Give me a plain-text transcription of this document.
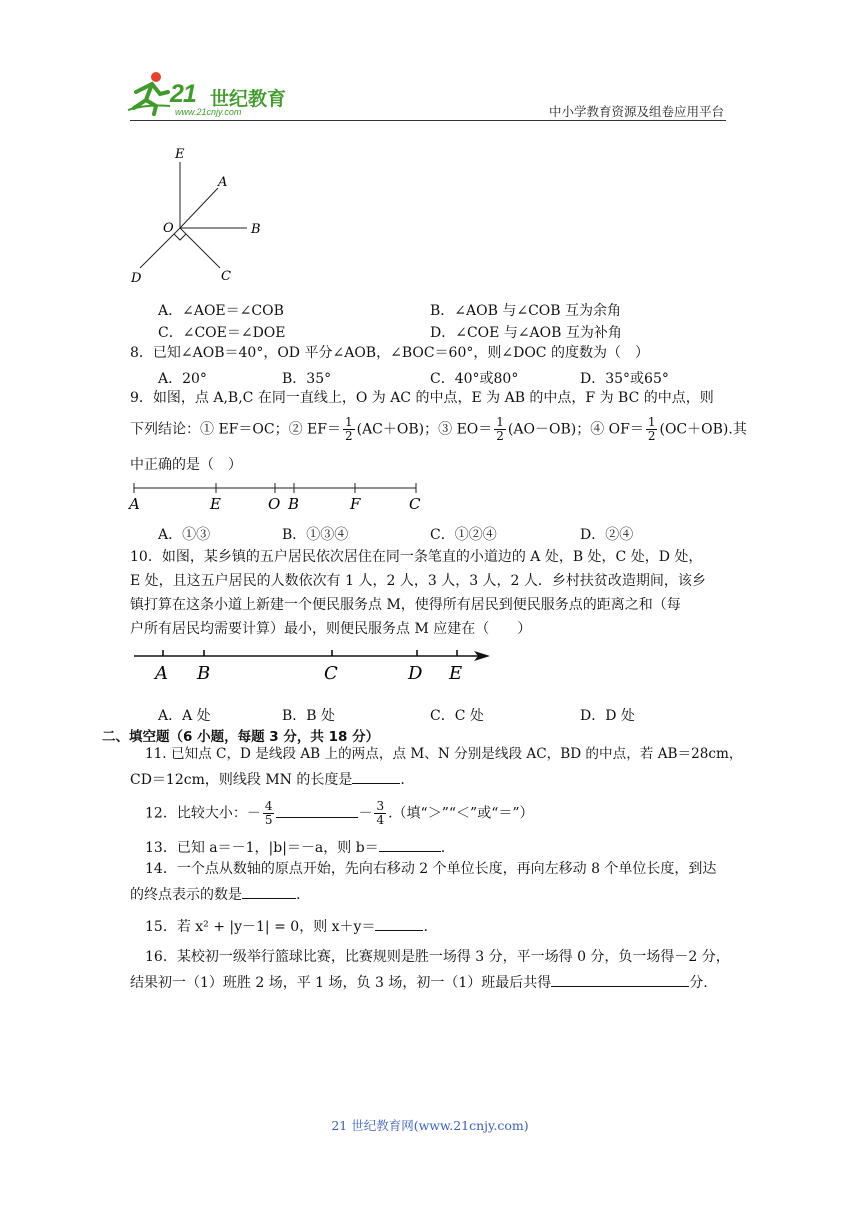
21 世纪教育
www.21cnjy.com	中小学教育资源及组卷应用平台
E
A
O	B
D	C
A．∠AOE＝∠COB	B．∠AOB 与∠COB 互为余角
C．∠COE＝∠DOE	D．∠COE 与∠AOB 互为补角
8．已知∠AOB＝40°，OD 平分∠AOB，∠BOC＝60°，则∠DOC 的度数为（　）
A．20°	B．35°	C．40°或80°	D．35°或65°
9．如图，点 A,B,C 在同一直线上，O 为 AC 的中点，E 为 AB 的中点，F 为 BC 的中点，则
下列结论：① EF＝OC；② $EF= \frac{1}{2} (AC+OB)$；③ $EO= \frac{1}{2} (AO-OB)$；④ $OF= \frac{1}{2} (OC+OB)$.其
中正确的是（　）
A	E	O B	F	C
A．①③	B．①③④	C．①②④	D．②④
10．如图，某乡镇的五户居民依次居住在同一条笔直的小道边的 A 处，B 处，C 处，D 处，
E 处，且这五户居民的人数依次有 1 人，2 人，3 人，3 人，2 人．乡村扶贫改造期间，该乡
镇打算在这条小道上新建一个便民服务点 M，使得所有居民到便民服务点的距离之和（每
户所有居民均需要计算）最小，则便民服务点 M 应建在（　　）
A B	C	D E
A．A 处	B．B 处	C．C 处	D．D 处
二、填空题（6 小题，每题 3 分，共 18 分）
11. 已知点 C，D 是线段 AB 上的两点，点 M、N 分别是线段 AC，BD 的中点，若 AB＝28cm，
CD＝12cm，则线段 MN 的长度是	.
12．比较大小：－ $\frac{4}{5}$	－ $\frac{3}{4}$ .（填“＞”“＜”或“＝”）
13．已知 a＝－1，|b|＝－a，则 b＝	.
14．一个点从数轴的原点开始，先向右移动 2 个单位长度，再向左移动 8 个单位长度，到达
的终点表示的数是	.
15．若 x² + |y－1| = 0，则 x＋y＝	.
16．某校初一级举行篮球比赛，比赛规则是胜一场得 3 分，平一场得 0 分，负一场得－2 分，
结果初一（1）班胜 2 场，平 1 场，负 3 场，初一（1）班最后共得	分.
21 世纪教育网(www.21cnjy.com)
